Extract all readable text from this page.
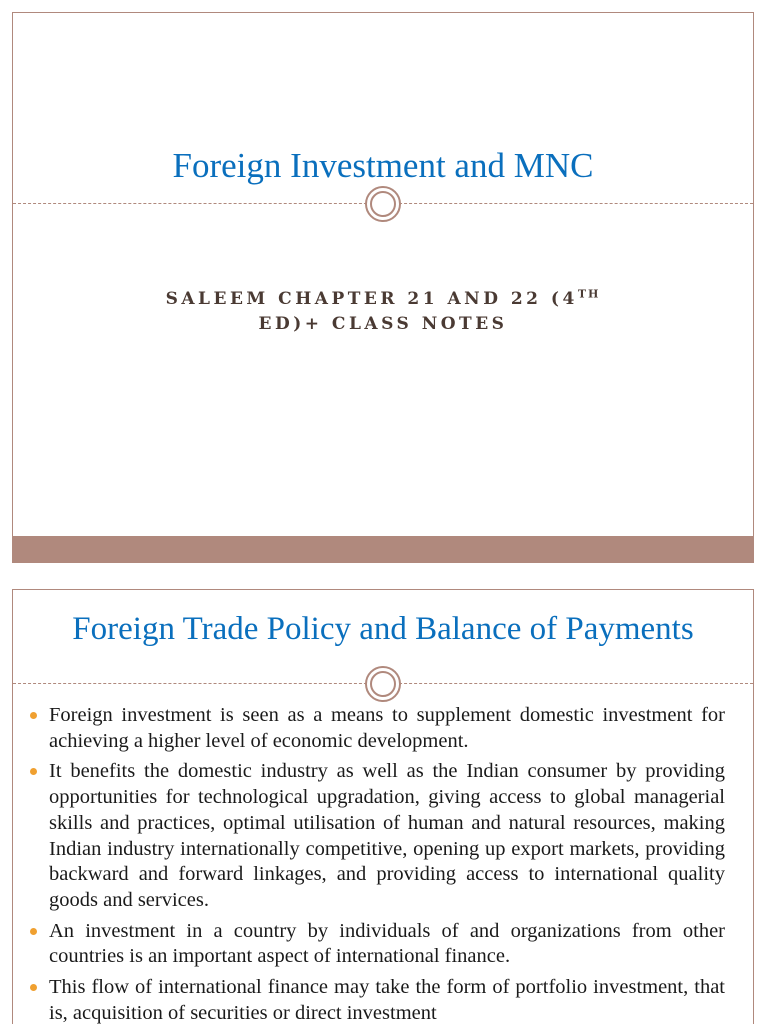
Foreign Investment and MNC
SALEEM CHAPTER 21 AND 22 (4TH
ED)+ CLASS NOTES
Foreign Trade Policy and Balance of Payments
Foreign investment is seen as a means to supplement domestic investment for achieving a higher level of economic development.
It benefits the domestic industry as well as the Indian consumer by providing opportunities for technological upgradation, giving access to global managerial skills and practices, optimal utilisation of human and natural resources, making Indian industry internationally competitive, opening up export markets, providing backward and forward linkages, and providing access to international quality goods and services.
An investment in a country by individuals of and organizations from other countries is an important aspect of international finance.
This flow of international finance may take the form of portfolio investment, that is, acquisition of securities or direct investment
